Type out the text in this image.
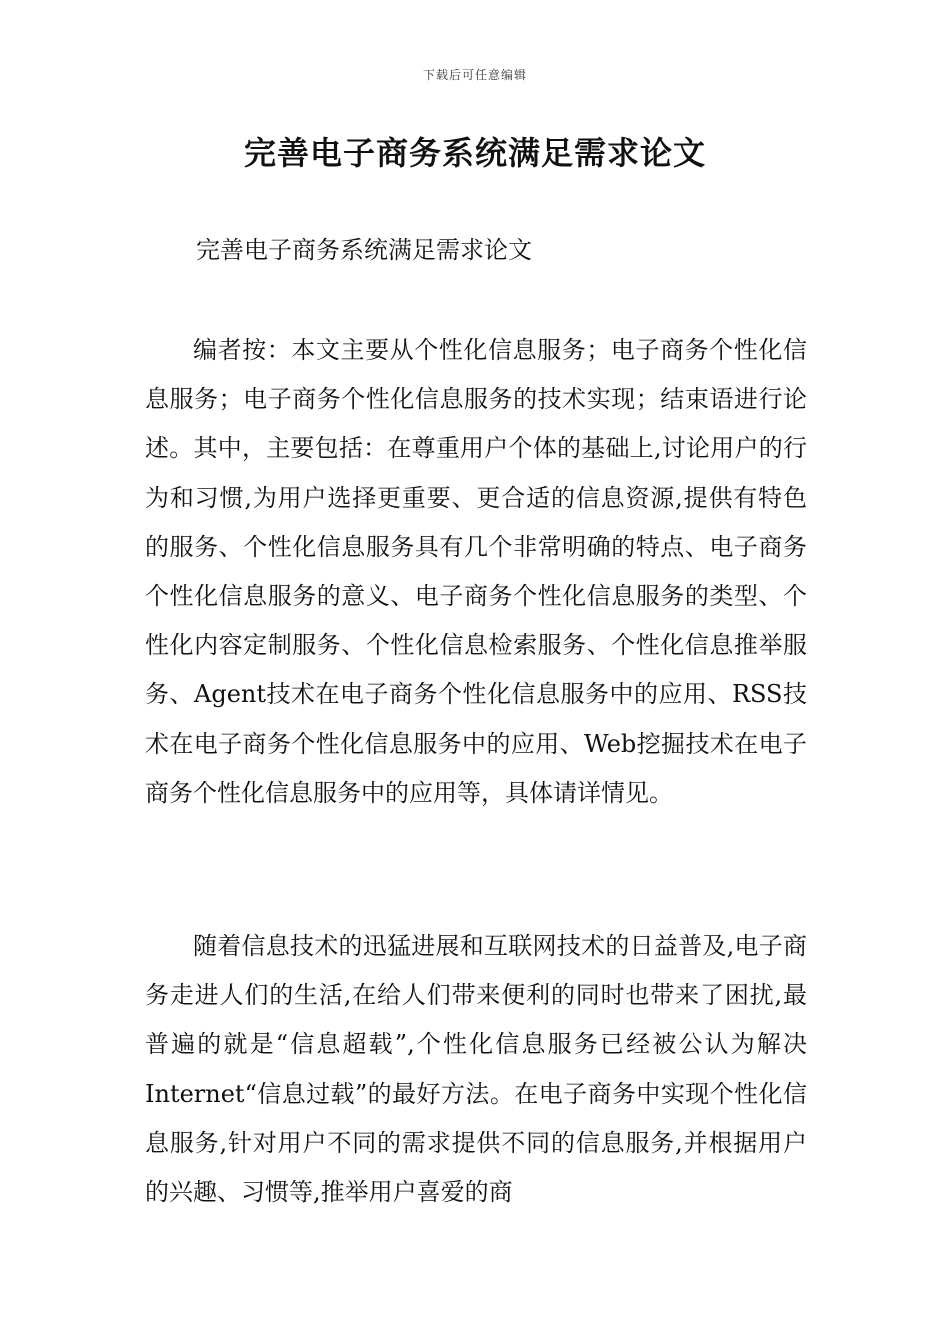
下载后可任意编辑
完善电子商务系统满足需求论文

完善电子商务系统满足需求论文

编者按：本文主要从个性化信息服务；电子商务个性化信息服务；电子商务个性化信息服务的技术实现；结束语进行论述。其中，主要包括：在尊重用户个体的基础上,讨论用户的行为和习惯,为用户选择更重要、更合适的信息资源,提供有特色的服务、个性化信息服务具有几个非常明确的特点、电子商务个性化信息服务的意义、电子商务个性化信息服务的类型、个性化内容定制服务、个性化信息检索服务、个性化信息推举服务、Agent技术在电子商务个性化信息服务中的应用、RSS技术在电子商务个性化信息服务中的应用、Web挖掘技术在电子商务个性化信息服务中的应用等，具体请详情见。

随着信息技术的迅猛进展和互联网技术的日益普及,电子商务走进人们的生活,在给人们带来便利的同时也带来了困扰,最普遍的就是“信息超载”,个性化信息服务已经被公认为解决Internet“信息过载”的最好方法。在电子商务中实现个性化信息服务,针对用户不同的需求提供不同的信息服务,并根据用户的兴趣、习惯等,推举用户喜爱的商
